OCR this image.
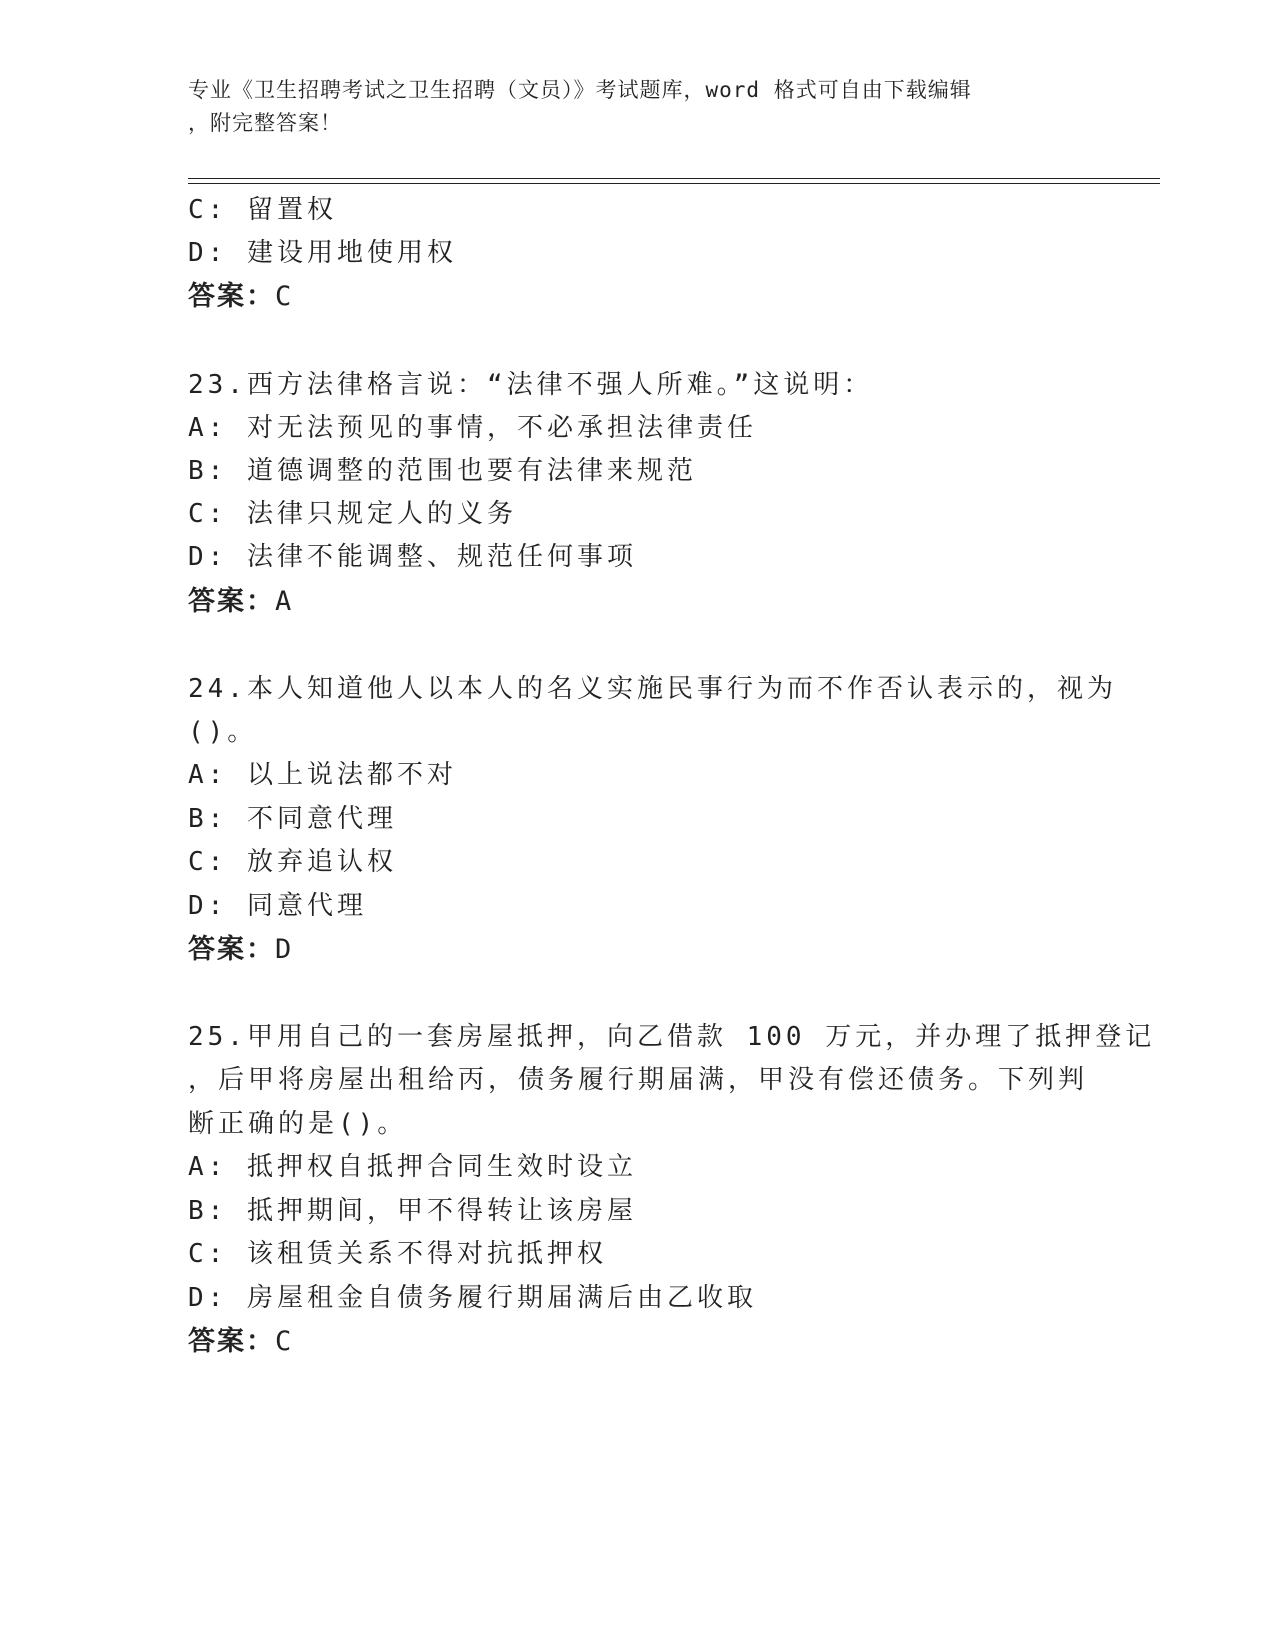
专业《卫生招聘考试之卫生招聘（文员）》考试题库，word 格式可自由下载编辑
，附完整答案！
C: 留置权
D: 建设用地使用权
答案：C
23.西方法律格言说：“法律不强人所难。”这说明：
A: 对无法预见的事情，不必承担法律责任
B: 道德调整的范围也要有法律来规范
C: 法律只规定人的义务
D: 法律不能调整、规范任何事项
答案：A
24.本人知道他人以本人的名义实施民事行为而不作否认表示的，视为
()。
A: 以上说法都不对
B: 不同意代理
C: 放弃追认权
D: 同意代理
答案：D
25.甲用自己的一套房屋抵押，向乙借款 100 万元，并办理了抵押登记
，后甲将房屋出租给丙，债务履行期届满，甲没有偿还债务。下列判
断正确的是()。
A: 抵押权自抵押合同生效时设立
B: 抵押期间，甲不得转让该房屋
C: 该租赁关系不得对抗抵押权
D: 房屋租金自债务履行期届满后由乙收取
答案：C
